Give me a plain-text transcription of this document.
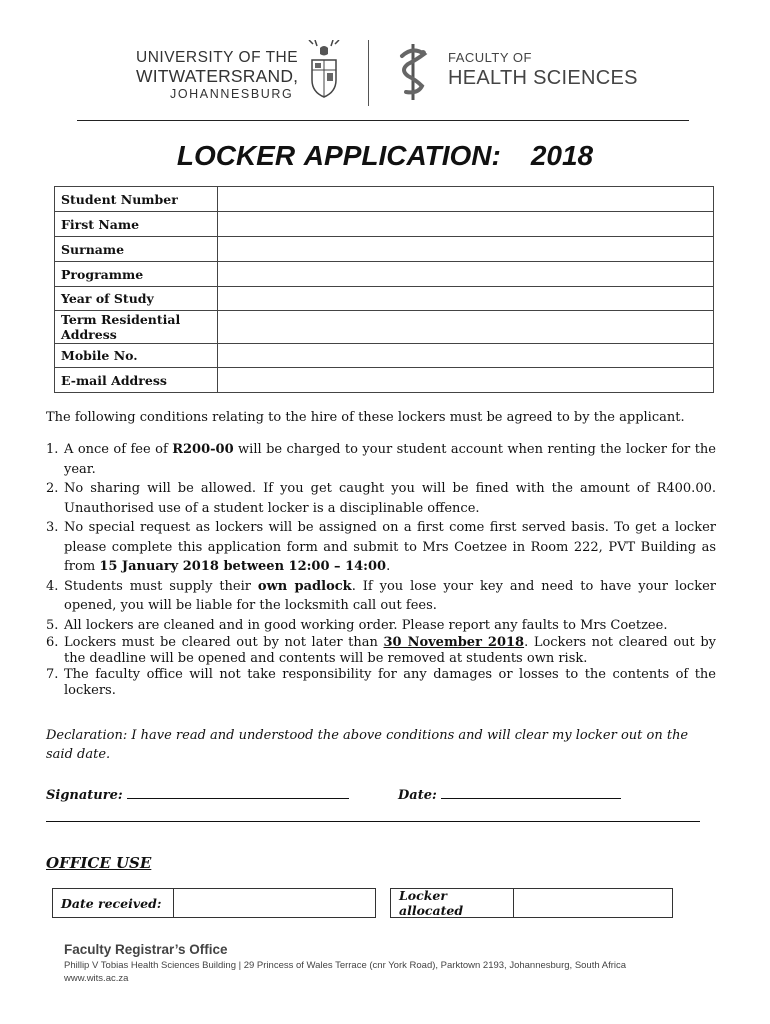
UNIVERSITY OF THE
WITWATERSRAND,
JOHANNESBURG
FACULTY OF
HEALTH SCIENCES
LOCKER APPLICATION: 2018
Student Number	
First Name	
Surname	
Programme	
Year of Study	
Term Residential Address	
Mobile No.	
E-mail Address	
The following conditions relating to the hire of these lockers must be agreed to by the applicant.
1. A once of fee of R200-00 will be charged to your student account when renting the locker for the year.
2. No sharing will be allowed. If you get caught you will be fined with the amount of R400.00. Unauthorised use of a student locker is a disciplinable offence.
3. No special request as lockers will be assigned on a first come first served basis. To get a locker please complete this application form and submit to Mrs Coetzee in Room 222, PVT Building as from 15 January 2018 between 12:00 – 14:00.
4. Students must supply their own padlock. If you lose your key and need to have your locker opened, you will be liable for the locksmith call out fees.
5. All lockers are cleaned and in good working order. Please report any faults to Mrs Coetzee.
6. Lockers must be cleared out by not later than 30 November 2018. Lockers not cleared out by the deadline will be opened and contents will be removed at students own risk.
7. The faculty office will not take responsibility for any damages or losses to the contents of the lockers.
Declaration: I have read and understood the above conditions and will clear my locker out on the said date.
Signature:	Date:
OFFICE USE
Date received:	Locker allocated
Faculty Registrar’s Office
Phillip V Tobias Health Sciences Building | 29 Princess of Wales Terrace (cnr York Road), Parktown 2193, Johannesburg, South Africa
www.wits.ac.za
